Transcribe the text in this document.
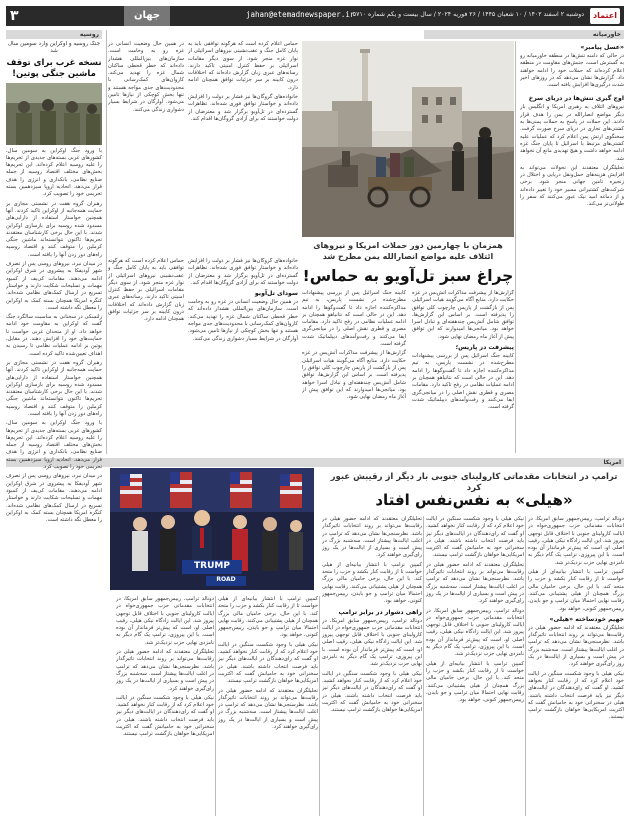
اعتماد
دوشنبه ۲ اسفند ۱۴۰۲ / ۱۰ شعبان ۱۴۴۵ / ۲۶ فوریه ۲۰۲۴ / سال بیست و یکم شماره ۵۷۱۰
jahan@etemadnewspaper.ir
جهان
۳
خاورمیانه
روسیه
امریکا
«عسل پیامبر»
در حالی که دامنه تنش‌ها در منطقه خاورمیانه رو به گسترش است، جنبش‌های مقاومت در منطقه اعلام کرده‌اند که حملات خود را ادامه خواهند داد. گزارش‌ها نشان می‌دهد که در روزهای اخیر شدت درگیری‌ها افزایش یافته است.
اوج گیری تنش‌ها در دریای سرخ
نیروهای ائتلاف به رهبری امریکا و انگلیس بار دیگر مواضع انصارالله در یمن را هدف قرار دادند. این حملات در پاسخ به حملات یمنی‌ها به کشتی‌های تجاری در دریای سرخ صورت گرفت. سخنگوی ارتش یمن اعلام کرد که عملیات علیه کشتی‌های مرتبط با اسرائیل تا پایان جنگ غزه ادامه خواهد داشت و هیچ تهدیدی مانع آن نخواهد شد.
تحلیلگران معتقدند این تحولات می‌تواند به افزایش هزینه‌های حمل‌ونقل دریایی و اختلال در زنجیره تامین جهانی منجر شود. برخی شرکت‌های کشتیرانی مسیر خود را تغییر داده‌اند و از دماغه امید نیک عبور می‌کنند که سفر را طولانی‌تر می‌کند.
حماس اعلام کرده است که هرگونه توافقی باید به پایان کامل جنگ و عقب‌نشینی نیروهای اسرائیلی از نوار غزه منجر شود. از سوی دیگر مقامات اسرائیلی بر حفظ کنترل امنیتی تاکید دارند. رسانه‌های عبری زبان گزارش داده‌اند که اختلافات درون کابینه بر سر جزئیات توافق همچنان ادامه دارد.
خانواده‌های گروگان‌ها نیز فشار بر دولت را افزایش داده‌اند و خواستار توافق فوری شده‌اند. تظاهرات گسترده‌ای در تل‌آویو برگزار شد و معترضان از دولت خواستند که برای آزادی گروگان‌ها اقدام کند.
در همین حال وضعیت انسانی در غزه رو به وخامت است. سازمان‌های بین‌المللی هشدار داده‌اند که خطر قحطی ساکنان شمال غزه را تهدید می‌کند. کاروان‌های کمک‌رسانی با محدودیت‌های جدی مواجه هستند و تنها بخش کوچکی از نیازها تامین می‌شود. آوارگان در شرایط بسیار دشواری زندگی می‌کنند.
همزمان با چهارمین دور حملات امریکا و نیروهای ائتلاف علیه مواضع انصارالله یمن مطرح شد
چراغ سبز تل‌آویو به حماس!
گزارش‌ها از پیشرفت مذاکرات آتش‌بس در غزه حکایت دارد. منابع آگاه می‌گویند هیات اسرائیلی پس از بازگشت از پاریس چارچوب کلی توافق را پذیرفته است. بر اساس این گزارش‌ها، توافق شامل آتش‌بس چندهفته‌ای و تبادل اسرا خواهد بود. میانجی‌ها امیدوارند که این توافق پیش از آغاز ماه رمضان نهایی شود.
پیشرفت در پاریس؛
کابینه جنگ اسرائیل پس از بررسی پیشنهادات مطرح‌شده در نشست پاریس، به تیم مذاکره‌کننده اجازه داد تا گفت‌وگوها را ادامه دهد. این در حالی است که نتانیاهو همچنان بر ادامه عملیات نظامی در رفح تاکید دارد. مقامات مصری و قطری نقش اصلی را در میانجی‌گری ایفا می‌کنند و رفت‌وآمدهای دیپلماتیک شدت گرفته است.
کابینه جنگ اسرائیل پس از بررسی پیشنهادات مطرح‌شده در نشست پاریس، به تیم مذاکره‌کننده اجازه داد تا گفت‌وگوها را ادامه دهد. این در حالی است که نتانیاهو همچنان بر ادامه عملیات نظامی در رفح تاکید دارد. مقامات مصری و قطری نقش اصلی را در میانجی‌گری ایفا می‌کنند و رفت‌وآمدهای دیپلماتیک شدت گرفته است.
گزارش‌ها از پیشرفت مذاکرات آتش‌بس در غزه حکایت دارد. منابع آگاه می‌گویند هیات اسرائیلی پس از بازگشت از پاریس چارچوب کلی توافق را پذیرفته است. بر اساس این گزارش‌ها، توافق شامل آتش‌بس چندهفته‌ای و تبادل اسرا خواهد بود. میانجی‌ها امیدوارند که این توافق پیش از آغاز ماه رمضان نهایی شود.
خانواده‌های گروگان‌ها نیز فشار بر دولت را افزایش داده‌اند و خواستار توافق فوری شده‌اند. تظاهرات گسترده‌ای در تل‌آویو برگزار شد و معترضان از دولت خواستند که برای آزادی گروگان‌ها اقدام کند.
سودای تل‌آویو
در همین حال وضعیت انسانی در غزه رو به وخامت است. سازمان‌های بین‌المللی هشدار داده‌اند که خطر قحطی ساکنان شمال غزه را تهدید می‌کند. کاروان‌های کمک‌رسانی با محدودیت‌های جدی مواجه هستند و تنها بخش کوچکی از نیازها تامین می‌شود. آوارگان در شرایط بسیار دشواری زندگی می‌کنند.
حماس اعلام کرده است که هرگونه توافقی باید به پایان کامل جنگ و عقب‌نشینی نیروهای اسرائیلی از نوار غزه منجر شود. از سوی دیگر مقامات اسرائیلی بر حفظ کنترل امنیتی تاکید دارند. رسانه‌های عبری زبان گزارش داده‌اند که اختلافات درون کابینه بر سر جزئیات توافق همچنان ادامه دارد.
جنگ روسیه و اوکراین وارد سومین سال شد
نسخه غرب برای توقف ماشین جنگی پوتین!
با ورود جنگ اوکراین به سومین سال، کشورهای غربی بسته‌های جدیدی از تحریم‌ها را علیه روسیه اعلام کرده‌اند. این تحریم‌ها بخش‌های مختلف اقتصاد روسیه از جمله صنایع نظامی، بانکداری و انرژی را هدف قرار می‌دهد. اتحادیه اروپا سیزدهمین بسته تحریمی خود را تصویب کرد.
رهبران گروه هفت در نشستی مجازی بر حمایت همه‌جانبه از اوکراین تاکید کردند. آنها همچنین خواستار استفاده از دارایی‌های مسدود شده روسیه برای بازسازی اوکراین شدند. با این حال برخی کارشناسان معتقدند تحریم‌ها تاکنون نتوانسته‌اند ماشین جنگی کرملین را متوقف کنند و اقتصاد روسیه راه‌های دور زدن آنها را یافته است.
در میدان نبرد، نیروهای روسی پس از تصرف شهر آودیفکا به پیشروی در شرق اوکراین ادامه می‌دهند. مقامات کی‌یف از کمبود مهمات و تسلیحات شکایت دارند و خواستار تسریع در ارسال کمک‌های نظامی شده‌اند. کنگره امریکا همچنان بسته کمک به اوکراین را معطل نگه داشته است.
زلنسکی در سخنانی به مناسبت سالگرد جنگ گفت که اوکراین به مقاومت خود ادامه خواهد داد. او از متحدان غربی خواست تا حمایت‌های خود را افزایش دهند. در مقابل، پوتین بر ادامه عملیات نظامی تا رسیدن به اهداف تعیین‌شده تاکید کرده است.
رهبران گروه هفت در نشستی مجازی بر حمایت همه‌جانبه از اوکراین تاکید کردند. آنها همچنین خواستار استفاده از دارایی‌های مسدود شده روسیه برای بازسازی اوکراین شدند. با این حال برخی کارشناسان معتقدند تحریم‌ها تاکنون نتوانسته‌اند ماشین جنگی کرملین را متوقف کنند و اقتصاد روسیه راه‌های دور زدن آنها را یافته است.
با ورود جنگ اوکراین به سومین سال، کشورهای غربی بسته‌های جدیدی از تحریم‌ها را علیه روسیه اعلام کرده‌اند. این تحریم‌ها بخش‌های مختلف اقتصاد روسیه از جمله صنایع نظامی، بانکداری و انرژی را هدف قرار می‌دهد. اتحادیه اروپا سیزدهمین بسته تحریمی خود را تصویب کرد.
در میدان نبرد، نیروهای روسی پس از تصرف شهر آودیفکا به پیشروی در شرق اوکراین ادامه می‌دهند. مقامات کی‌یف از کمبود مهمات و تسلیحات شکایت دارند و خواستار تسریع در ارسال کمک‌های نظامی شده‌اند. کنگره امریکا همچنان بسته کمک به اوکراین را معطل نگه داشته است.
ترامپ در انتخابات مقدماتی کارولینای جنوبی بار دیگر از رقیبش عبور کرد
«هیلی» به نفس‌نفس افتاد
TRUMP
ROAD
دونالد ترامپ، رییس‌جمهور سابق امریکا، در انتخابات مقدماتی حزب جمهوری‌خواه در ایالت کارولینای جنوبی با اختلاف قابل توجهی پیروز شد. این ایالت زادگاه نیکی هیلی، رقیب اصلی او، است که پیش‌تر فرماندار آن بوده است. با این پیروزی، ترامپ یک گام دیگر به نامزدی نهایی حزب نزدیک‌تر شد.
کمپین ترامپ با انتشار بیانیه‌ای از هیلی خواست تا از رقابت کنار بکشد و حزب را متحد کند. با این حال، برخی حامیان مالی بزرگ همچنان از هیلی پشتیبانی می‌کنند. رقابت نهایی احتمالا میان ترامپ و جو بایدن، رییس‌جمهور کنونی، خواهد بود.
جهیم خودساخته «هیلی»
تحلیلگران معتقدند که ادامه حضور هیلی در رقابت‌ها می‌تواند بر روند انتخابات تاثیرگذار باشد. نظرسنجی‌ها نشان می‌دهد که ترامپ در اغلب ایالت‌ها پیشتاز است. سه‌شنبه بزرگ در پیش است و بسیاری از ایالت‌ها در یک روز رای‌گیری خواهند کرد.
نیکی هیلی با وجود شکست سنگین در ایالت خود اعلام کرد که از رقابت کنار نخواهد کشید. او گفت که رای‌دهندگان در ایالت‌های دیگر نیز باید فرصت انتخاب داشته باشند. هیلی در سخنرانی خود به حامیانش گفت که اکثریت امریکایی‌ها خواهان بازگشت ترامپ نیستند.
نیکی هیلی با وجود شکست سنگین در ایالت خود اعلام کرد که از رقابت کنار نخواهد کشید. او گفت که رای‌دهندگان در ایالت‌های دیگر نیز باید فرصت انتخاب داشته باشند. هیلی در سخنرانی خود به حامیانش گفت که اکثریت امریکایی‌ها خواهان بازگشت ترامپ نیستند.
تحلیلگران معتقدند که ادامه حضور هیلی در رقابت‌ها می‌تواند بر روند انتخابات تاثیرگذار باشد. نظرسنجی‌ها نشان می‌دهد که ترامپ در اغلب ایالت‌ها پیشتاز است. سه‌شنبه بزرگ در پیش است و بسیاری از ایالت‌ها در یک روز رای‌گیری خواهند کرد.
دونالد ترامپ، رییس‌جمهور سابق امریکا، در انتخابات مقدماتی حزب جمهوری‌خواه در ایالت کارولینای جنوبی با اختلاف قابل توجهی پیروز شد. این ایالت زادگاه نیکی هیلی، رقیب اصلی او، است که پیش‌تر فرماندار آن بوده است. با این پیروزی، ترامپ یک گام دیگر به نامزدی نهایی حزب نزدیک‌تر شد.
کمپین ترامپ با انتشار بیانیه‌ای از هیلی خواست تا از رقابت کنار بکشد و حزب را متحد کند. با این حال، برخی حامیان مالی بزرگ همچنان از هیلی پشتیبانی می‌کنند. رقابت نهایی احتمالا میان ترامپ و جو بایدن، رییس‌جمهور کنونی، خواهد بود.
تحلیلگران معتقدند که ادامه حضور هیلی در رقابت‌ها می‌تواند بر روند انتخابات تاثیرگذار باشد. نظرسنجی‌ها نشان می‌دهد که ترامپ در اغلب ایالت‌ها پیشتاز است. سه‌شنبه بزرگ در پیش است و بسیاری از ایالت‌ها در یک روز رای‌گیری خواهند کرد.
کمپین ترامپ با انتشار بیانیه‌ای از هیلی خواست تا از رقابت کنار بکشد و حزب را متحد کند. با این حال، برخی حامیان مالی بزرگ همچنان از هیلی پشتیبانی می‌کنند. رقابت نهایی احتمالا میان ترامپ و جو بایدن، رییس‌جمهور کنونی، خواهد بود.
راهی دشوار در برابر ترامپ
دونالد ترامپ، رییس‌جمهور سابق امریکا، در انتخابات مقدماتی حزب جمهوری‌خواه در ایالت کارولینای جنوبی با اختلاف قابل توجهی پیروز شد. این ایالت زادگاه نیکی هیلی، رقیب اصلی او، است که پیش‌تر فرماندار آن بوده است. با این پیروزی، ترامپ یک گام دیگر به نامزدی نهایی حزب نزدیک‌تر شد.
نیکی هیلی با وجود شکست سنگین در ایالت خود اعلام کرد که از رقابت کنار نخواهد کشید. او گفت که رای‌دهندگان در ایالت‌های دیگر نیز باید فرصت انتخاب داشته باشند. هیلی در سخنرانی خود به حامیانش گفت که اکثریت امریکایی‌ها خواهان بازگشت ترامپ نیستند.
کمپین ترامپ با انتشار بیانیه‌ای از هیلی خواست تا از رقابت کنار بکشد و حزب را متحد کند. با این حال، برخی حامیان مالی بزرگ همچنان از هیلی پشتیبانی می‌کنند. رقابت نهایی احتمالا میان ترامپ و جو بایدن، رییس‌جمهور کنونی، خواهد بود.
نیکی هیلی با وجود شکست سنگین در ایالت خود اعلام کرد که از رقابت کنار نخواهد کشید. او گفت که رای‌دهندگان در ایالت‌های دیگر نیز باید فرصت انتخاب داشته باشند. هیلی در سخنرانی خود به حامیانش گفت که اکثریت امریکایی‌ها خواهان بازگشت ترامپ نیستند.
تحلیلگران معتقدند که ادامه حضور هیلی در رقابت‌ها می‌تواند بر روند انتخابات تاثیرگذار باشد. نظرسنجی‌ها نشان می‌دهد که ترامپ در اغلب ایالت‌ها پیشتاز است. سه‌شنبه بزرگ در پیش است و بسیاری از ایالت‌ها در یک روز رای‌گیری خواهند کرد.
دونالد ترامپ، رییس‌جمهور سابق امریکا، در انتخابات مقدماتی حزب جمهوری‌خواه در ایالت کارولینای جنوبی با اختلاف قابل توجهی پیروز شد. این ایالت زادگاه نیکی هیلی، رقیب اصلی او، است که پیش‌تر فرماندار آن بوده است. با این پیروزی، ترامپ یک گام دیگر به نامزدی نهایی حزب نزدیک‌تر شد.
تحلیلگران معتقدند که ادامه حضور هیلی در رقابت‌ها می‌تواند بر روند انتخابات تاثیرگذار باشد. نظرسنجی‌ها نشان می‌دهد که ترامپ در اغلب ایالت‌ها پیشتاز است. سه‌شنبه بزرگ در پیش است و بسیاری از ایالت‌ها در یک روز رای‌گیری خواهند کرد.
نیکی هیلی با وجود شکست سنگین در ایالت خود اعلام کرد که از رقابت کنار نخواهد کشید. او گفت که رای‌دهندگان در ایالت‌های دیگر نیز باید فرصت انتخاب داشته باشند. هیلی در سخنرانی خود به حامیانش گفت که اکثریت امریکایی‌ها خواهان بازگشت ترامپ نیستند.
